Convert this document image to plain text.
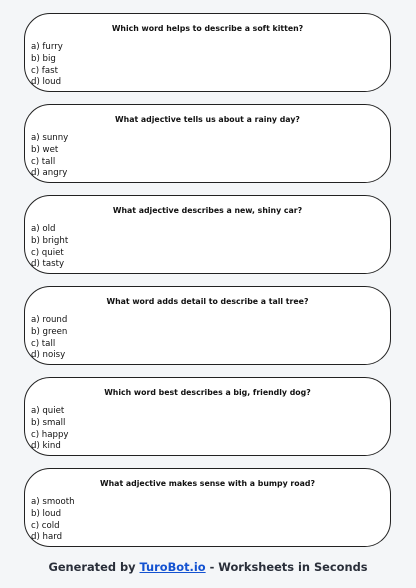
Which word helps to describe a soft kitten?
a) furry
b) big
c) fast
d) loud
What adjective tells us about a rainy day?
a) sunny
b) wet
c) tall
d) angry
What adjective describes a new, shiny car?
a) old
b) bright
c) quiet
d) tasty
What word adds detail to describe a tall tree?
a) round
b) green
c) tall
d) noisy
Which word best describes a big, friendly dog?
a) quiet
b) small
c) happy
d) kind
What adjective makes sense with a bumpy road?
a) smooth
b) loud
c) cold
d) hard
Generated by TuroBot.io - Worksheets in Seconds
